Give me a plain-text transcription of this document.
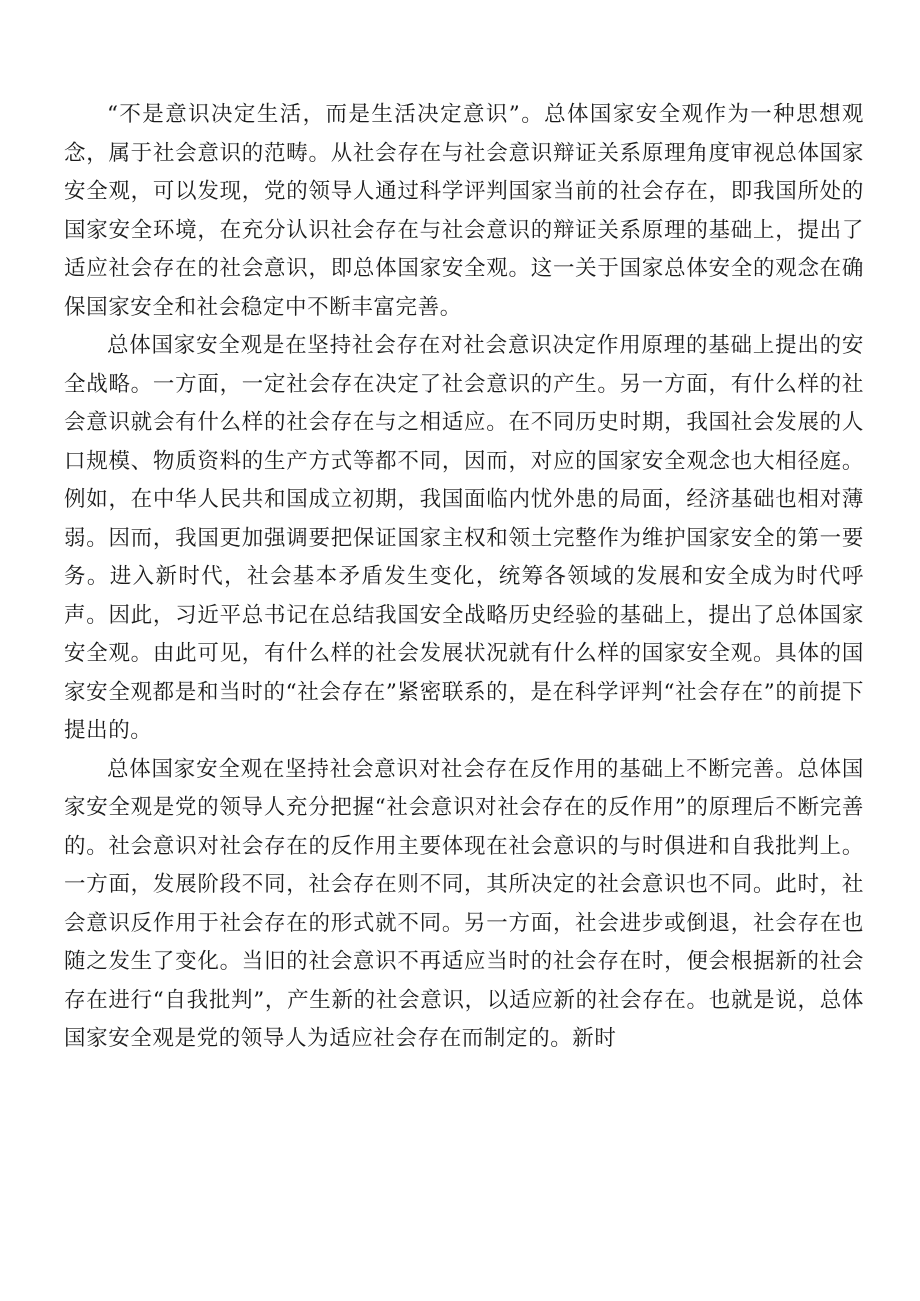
“不是意识决定生活，而是生活决定意识”。总体国家安全观作为一种思想观念，属于社会意识的范畴。从社会存在与社会意识辩证关系原理角度审视总体国家安全观，可以发现，党的领导人通过科学评判国家当前的社会存在，即我国所处的国家安全环境，在充分认识社会存在与社会意识的辩证关系原理的基础上，提出了适应社会存在的社会意识，即总体国家安全观。这一关于国家总体安全的观念在确保国家安全和社会稳定中不断丰富完善。

总体国家安全观是在坚持社会存在对社会意识决定作用原理的基础上提出的安全战略。一方面，一定社会存在决定了社会意识的产生。另一方面，有什么样的社会意识就会有什么样的社会存在与之相适应。在不同历史时期，我国社会发展的人口规模、物质资料的生产方式等都不同，因而，对应的国家安全观念也大相径庭。例如，在中华人民共和国成立初期，我国面临内忧外患的局面，经济基础也相对薄弱。因而，我国更加强调要把保证国家主权和领土完整作为维护国家安全的第一要务。进入新时代，社会基本矛盾发生变化，统筹各领域的发展和安全成为时代呼声。因此，习近平总书记在总结我国安全战略历史经验的基础上，提出了总体国家安全观。由此可见，有什么样的社会发展状况就有什么样的国家安全观。具体的国家安全观都是和当时的“社会存在”紧密联系的，是在科学评判“社会存在”的前提下提出的。

总体国家安全观在坚持社会意识对社会存在反作用的基础上不断完善。总体国家安全观是党的领导人充分把握“社会意识对社会存在的反作用”的原理后不断完善的。社会意识对社会存在的反作用主要体现在社会意识的与时俱进和自我批判上。一方面，发展阶段不同，社会存在则不同，其所决定的社会意识也不同。此时，社会意识反作用于社会存在的形式就不同。另一方面，社会进步或倒退，社会存在也随之发生了变化。当旧的社会意识不再适应当时的社会存在时，便会根据新的社会存在进行“自我批判”，产生新的社会意识，以适应新的社会存在。也就是说，总体国家安全观是党的领导人为适应社会存在而制定的。新时
